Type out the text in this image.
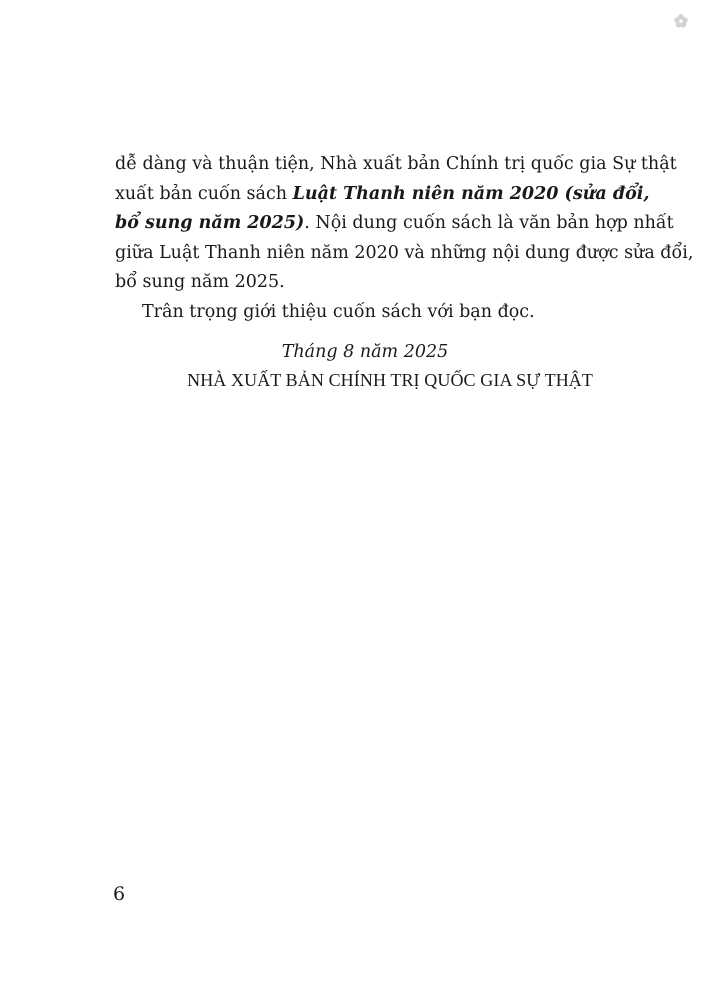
dễ dàng và thuận tiện, Nhà xuất bản Chính trị quốc gia Sự thật
xuất bản cuốn sách Luật Thanh niên năm 2020 (sửa đổi,
bổ sung năm 2025). Nội dung cuốn sách là văn bản hợp nhất
giữa Luật Thanh niên năm 2020 và những nội dung được sửa đổi,
bổ sung năm 2025.
Trân trọng giới thiệu cuốn sách với bạn đọc.
Tháng 8 năm 2025
NHÀ XUẤT BẢN CHÍNH TRỊ QUỐC GIA SỰ THẬT
6
